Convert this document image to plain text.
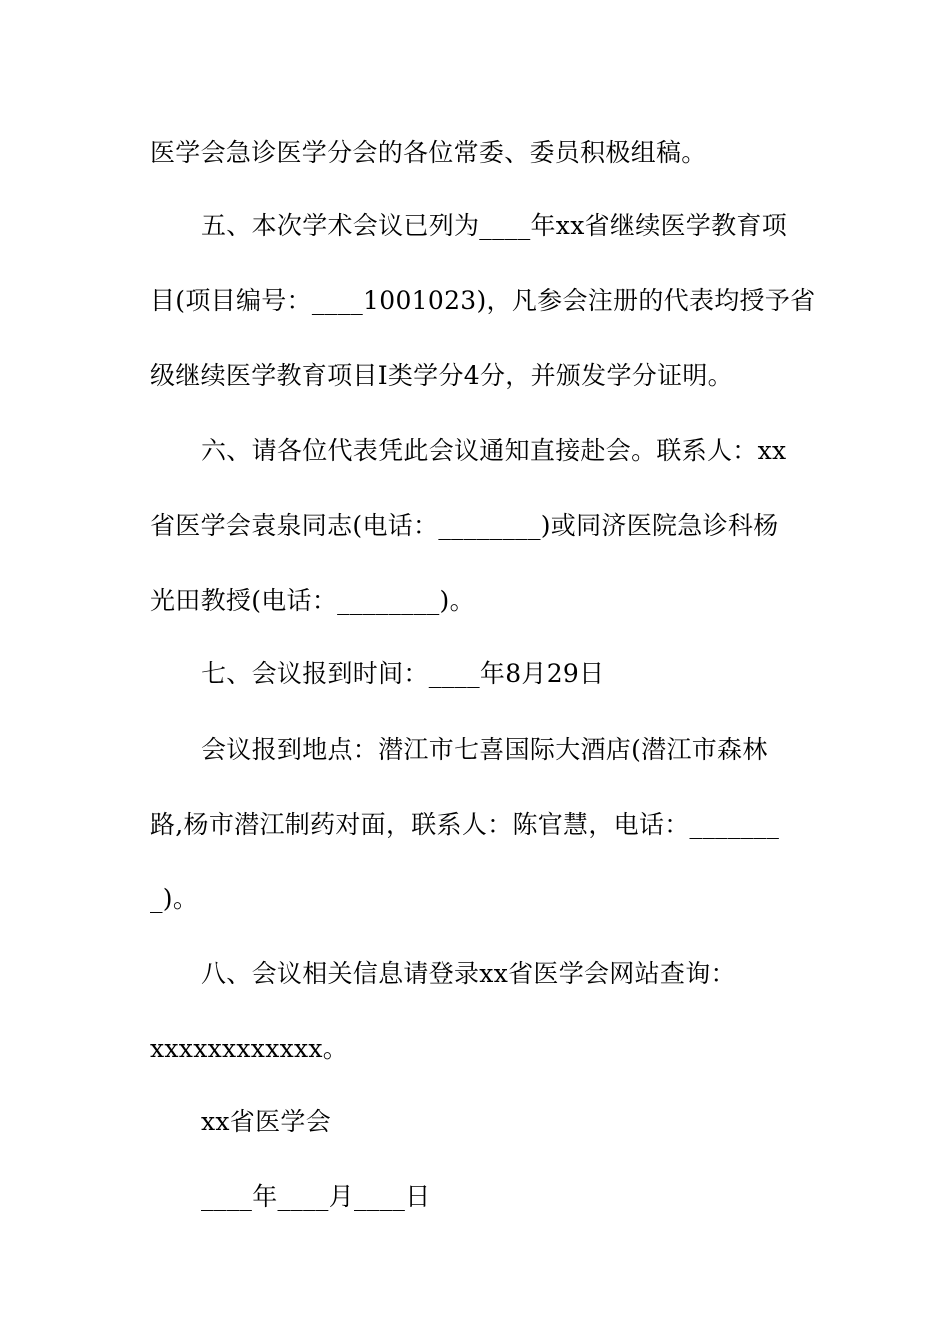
医学会急诊医学分会的各位常委、委员积极组稿。
五、本次学术会议已列为____年xx省继续医学教育项
目(项目编号：____1001023)，凡参会注册的代表均授予省
级继续医学教育项目Ⅰ类学分4分，并颁发学分证明。
六、请各位代表凭此会议通知直接赴会。联系人：xx
省医学会袁泉同志(电话：________)或同济医院急诊科杨
光田教授(电话：________)。
七、会议报到时间：____年8月29日
会议报到地点：潜江市七喜国际大酒店(潜江市森林
路,杨市潜江制药对面，联系人：陈官慧，电话：_______
_)。
八、会议相关信息请登录xx省医学会网站查询：
xxxxxxxxxxxx。
xx省医学会
____年____月____日
